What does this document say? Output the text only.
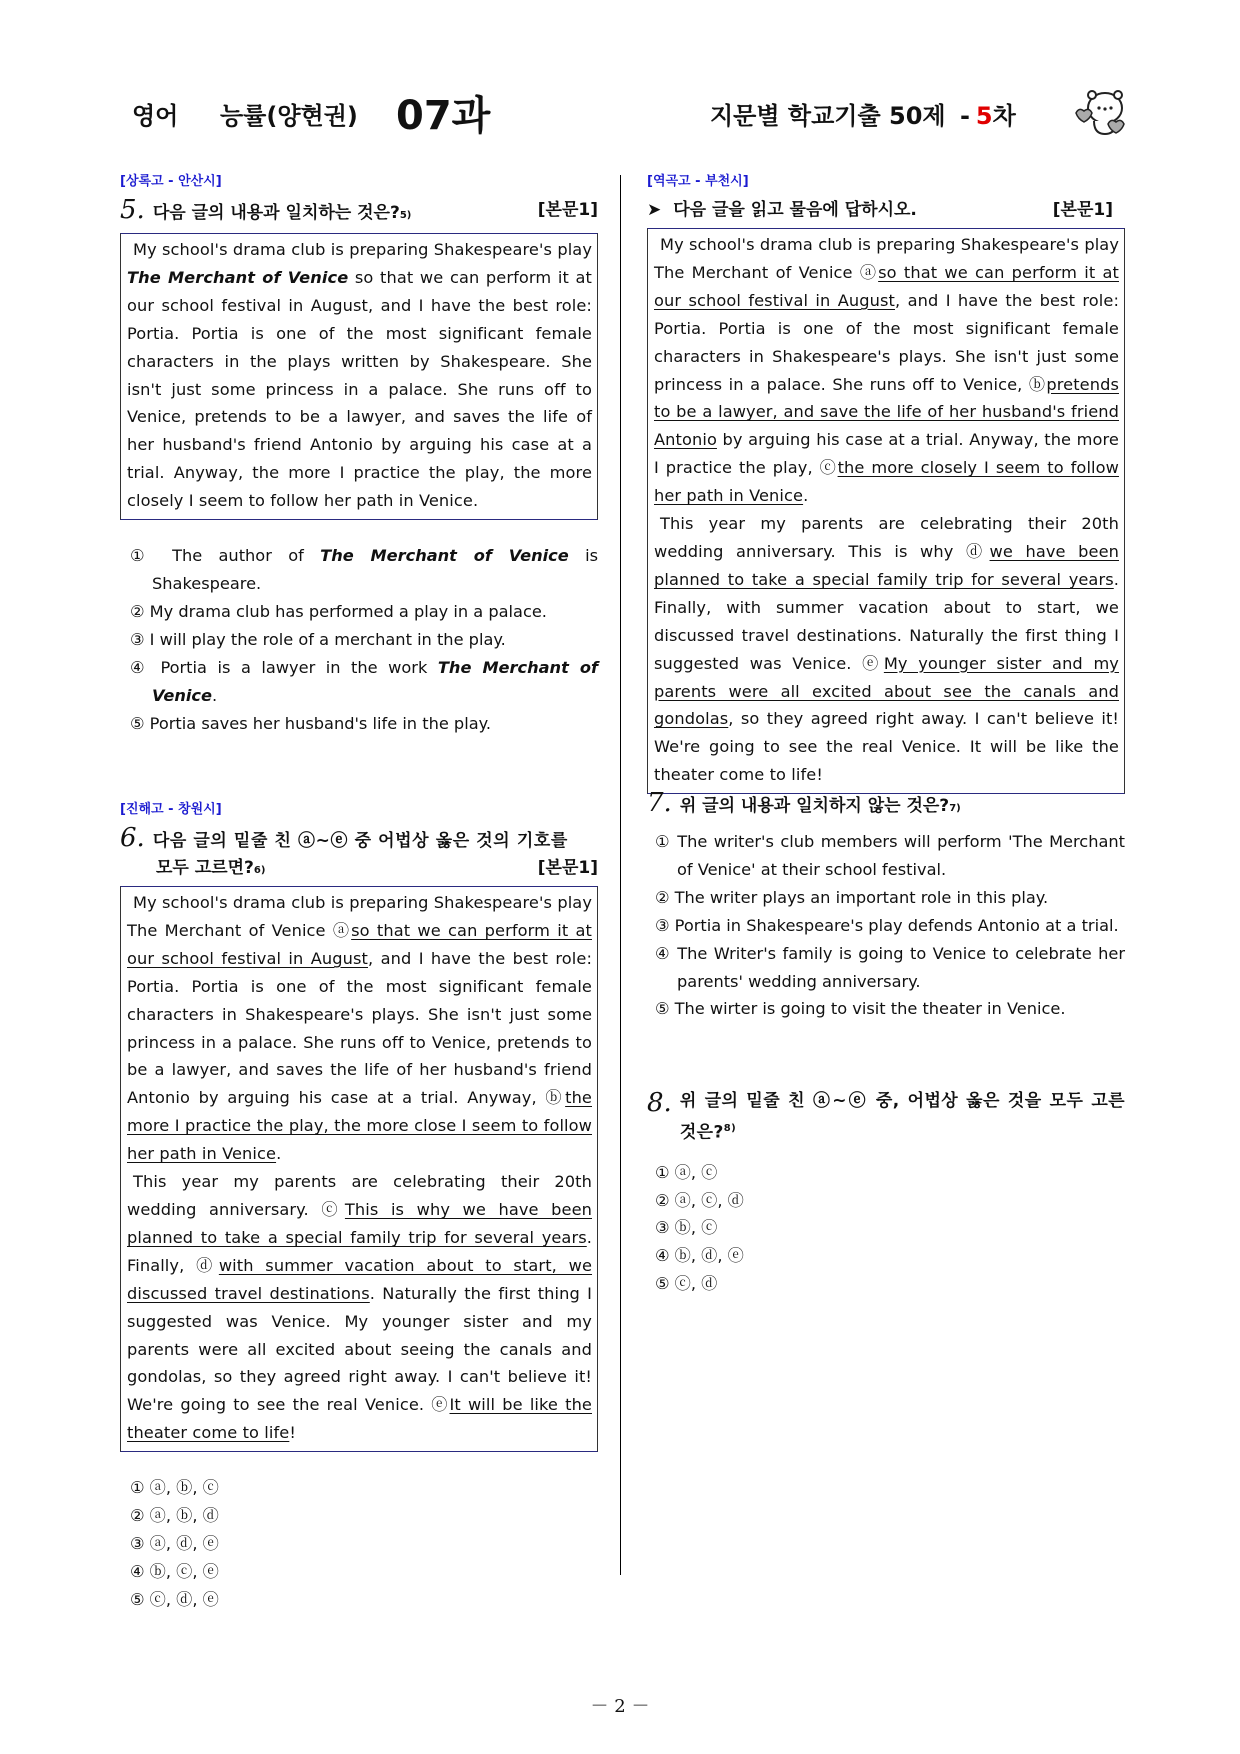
영어 능률(양현권) 07과	지문별 학교기출 50제 - 5차
[상록고 - 안산시]
5. 다음 글의 내용과 일치하는 것은$?_{5)}$	[본문1]

My school's drama club is preparing Shakespeare's play The Merchant of Venice so that we can perform it at our school festival in August, and I have the best role: Portia. Portia is one of the most significant female characters in the plays written by Shakespeare. She isn't just some princess in a palace. She runs off to Venice, pretends to be a lawyer, and saves the life of her husband's friend Antonio by arguing his case at a trial. Anyway, the more I practice the play, the more closely I seem to follow her path in Venice.

① The author of The Merchant of Venice is Shakespeare.
② My drama club has performed a play in a palace.
③ I will play the role of a merchant in the play.
④ Portia is a lawyer in the work The Merchant of Venice.
⑤ Portia saves her husband's life in the play.
[진해고 - 창원시]
6. 다음 글의 밑줄 친 ⓐ~ⓔ 중 어법상 옳은 것의 기호를
모두 고르면$?_{6)}$	[본문1]

My school's drama club is preparing Shakespeare's play The Merchant of Venice ⓐso that we can perform it at our school festival in August, and I have the best role: Portia. Portia is one of the most significant female characters in Shakespeare's plays. She isn't just some princess in a palace. She runs off to Venice, pretends to be a lawyer, and saves the life of her husband's friend Antonio by arguing his case at a trial. Anyway, ⓑthe more I practice the play, the more close I seem to follow her path in Venice.

This year my parents are celebrating their 20th wedding anniversary. ⓒThis is why we have been planned to take a special family trip for several years. Finally, ⓓwith summer vacation about to start, we discussed travel destinations. Naturally the first thing I suggested was Venice. My younger sister and my parents were all excited about seeing the canals and gondolas, so they agreed right away. I can't believe it! We're going to see the real Venice. ⓔIt will be like the theater come to life!

① ⓐ, ⓑ, ⓒ
② ⓐ, ⓑ, ⓓ
③ ⓐ, ⓓ, ⓔ
④ ⓑ, ⓒ, ⓔ
⑤ ⓒ, ⓓ, ⓔ
[역곡고 - 부천시]
➤ 다음 글을 읽고 물음에 답하시오.	[본문1]

My school's drama club is preparing Shakespeare's play The Merchant of Venice ⓐso that we can perform it at our school festival in August, and I have the best role: Portia. Portia is one of the most significant female characters in Shakespeare's plays. She isn't just some princess in a palace. She runs off to Venice, ⓑpretends to be a lawyer, and save the life of her husband's friend Antonio by arguing his case at a trial. Anyway, the more I practice the play, ⓒthe more closely I seem to follow her path in Venice.

This year my parents are celebrating their 20th wedding anniversary. This is why ⓓwe have been planned to take a special family trip for several years. Finally, with summer vacation about to start, we discussed travel destinations. Naturally the first thing I suggested was Venice. ⓔMy younger sister and my parents were all excited about see the canals and gondolas, so they agreed right away. I can't believe it! We're going to see the real Venice. It will be like the theater come to life!

7. 위 글의 내용과 일치하지 않는 것은$?_{7)}$
① The writer's club members will perform 'The Merchant of Venice' at their school festival.
② The writer plays an important role in this play.
③ Portia in Shakespeare's play defends Antonio at a trial.
④ The Writer's family is going to Venice to celebrate her parents' wedding anniversary.
⑤ The wirter is going to visit the theater in Venice.
8. 위 글의 밑줄 친 ⓐ~ⓔ 중, 어법상 옳은 것을 모두 고른 것은?$^{8)}$
① ⓐ, ⓒ
② ⓐ, ⓒ, ⓓ
③ ⓑ, ⓒ
④ ⓑ, ⓓ, ⓔ
⑤ ⓒ, ⓓ
－ 2 －
